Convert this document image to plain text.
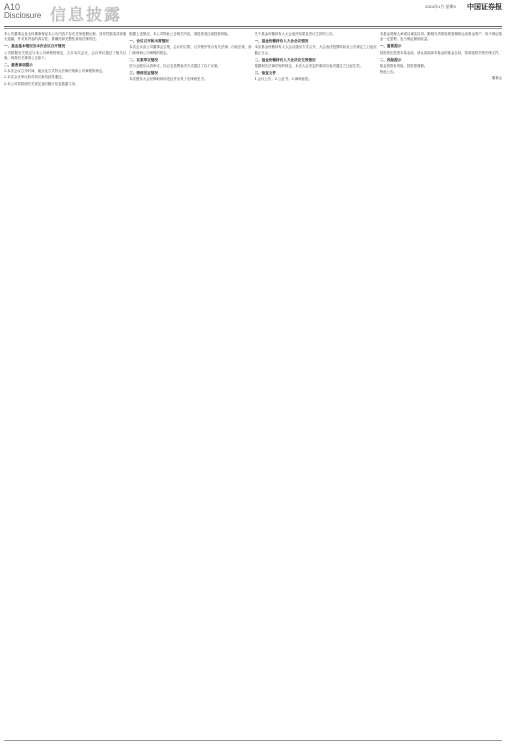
A10
Disclosure 信息披露	2024年1月 星期X 中国证券报

本公司董事会及全体董事保证本公告内容不存在任何虚假记载、误导性陈述或者重大遗漏，并对其内容的真实性、准确性和完整性承担法律责任。

一、基金基本情况及本次会议召开情况

公司根据有关规定与本公司章程的规定，召开本次会议，会议审议通过了相关议案，现将有关事项公告如下。

二、重要事项提示

1.本次会议召开时间、地点及方式符合法律法规和公司章程的规定。

2.本次会议审议的各项议案均获得通过。

3.本公司将按照有关规定及时履行信息披露义务。

根据上述情况，本公司特此公告相关内容，请投资者注意投资风险。

一、会议召开和出席情况

本次会议由公司董事会召集，会议的召集、召开程序符合有关法律、行政法规、部门规章和公司章程的规定。

二、议案审议情况

经与会股东认真审议，以记名投票表决方式通过了以下议案。

三、律师见证情况

本次股东大会经律师现场见证并出具了法律意见书。

关于基金份额持有人大会表决结果及决议生效的公告。

一、基金份额持有人大会会议情况

本次基金份额持有人大会以通讯方式召开，大会表决投票时间自公告规定之日起至截止日止。

二、基金份额持有人大会决议生效情况

根据相关法律法规的规定，本次大会决定的事项自表决通过之日起生效。

三、备查文件

1.会议公告；2.公证书；3.律师意见。

本基金管理人承诺以诚实信用、勤勉尽责的原则管理和运用基金资产，但不保证基金一定盈利，也不保证最低收益。

一、重要提示

投资者在投资本基金前，请认真阅读本基金的基金合同、招募说明书等法律文件。

二、风险提示

基金投资有风险，投资需谨慎。

特此公告。

董事会
